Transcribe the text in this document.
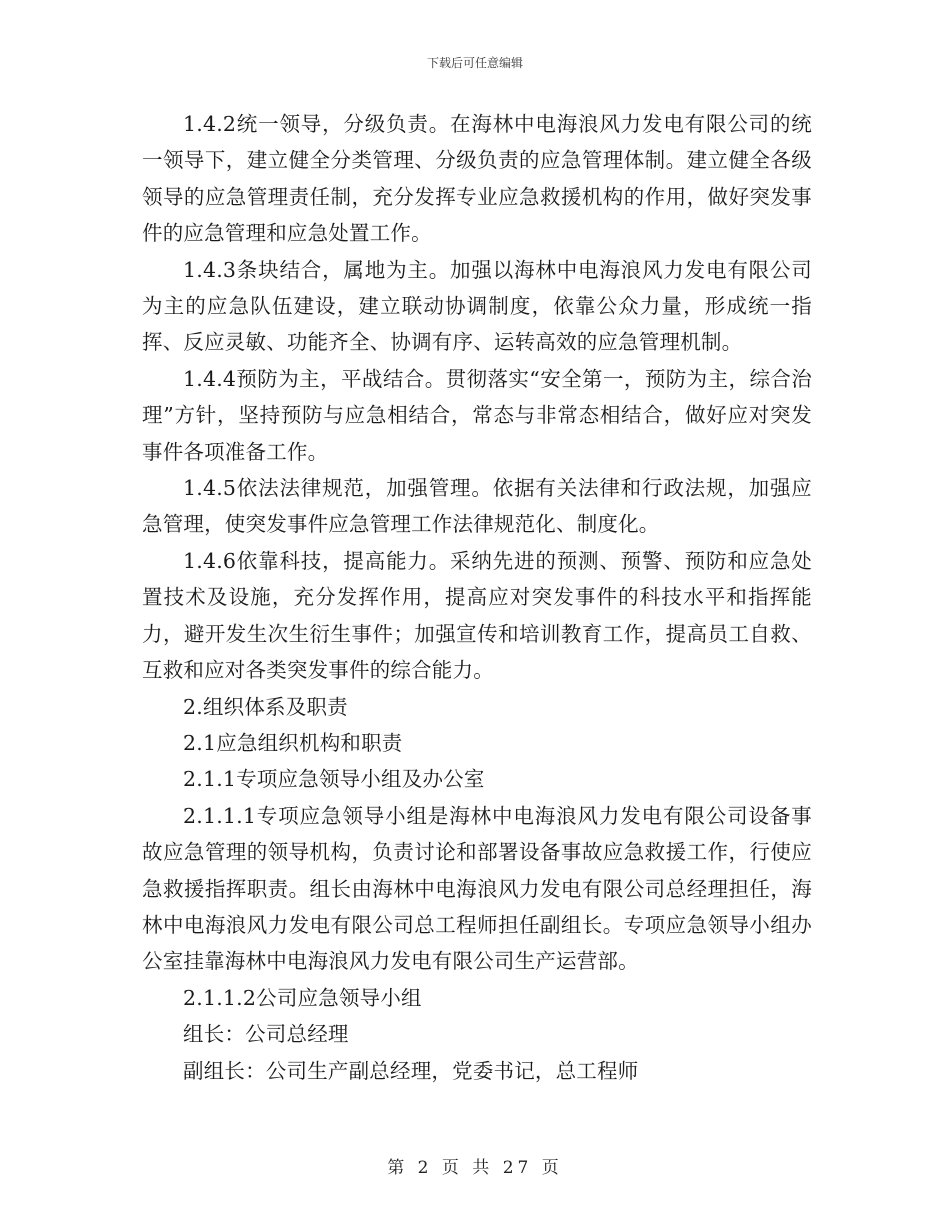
下载后可任意编辑

1.4.2统一领导，分级负责。在海林中电海浪风力发电有限公司的统一领导下，建立健全分类管理、分级负责的应急管理体制。建立健全各级领导的应急管理责任制，充分发挥专业应急救援机构的作用，做好突发事件的应急管理和应急处置工作。

1.4.3条块结合，属地为主。加强以海林中电海浪风力发电有限公司为主的应急队伍建设，建立联动协调制度，依靠公众力量，形成统一指挥、反应灵敏、功能齐全、协调有序、运转高效的应急管理机制。

1.4.4预防为主，平战结合。贯彻落实“安全第一，预防为主，综合治理”方针，坚持预防与应急相结合，常态与非常态相结合，做好应对突发事件各项准备工作。

1.4.5依法法律规范，加强管理。依据有关法律和行政法规，加强应急管理，使突发事件应急管理工作法律规范化、制度化。

1.4.6依靠科技，提高能力。采纳先进的预测、预警、预防和应急处置技术及设施，充分发挥作用，提高应对突发事件的科技水平和指挥能力，避开发生次生衍生事件；加强宣传和培训教育工作，提高员工自救、互救和应对各类突发事件的综合能力。

2.组织体系及职责

2.1应急组织机构和职责

2.1.1专项应急领导小组及办公室

2.1.1.1专项应急领导小组是海林中电海浪风力发电有限公司设备事故应急管理的领导机构，负责讨论和部署设备事故应急救援工作，行使应急救援指挥职责。组长由海林中电海浪风力发电有限公司总经理担任，海林中电海浪风力发电有限公司总工程师担任副组长。专项应急领导小组办公室挂靠海林中电海浪风力发电有限公司生产运营部。

2.1.1.2公司应急领导小组

组长：公司总经理

副组长：公司生产副总经理，党委书记，总工程师

第 2 页 共 27 页
